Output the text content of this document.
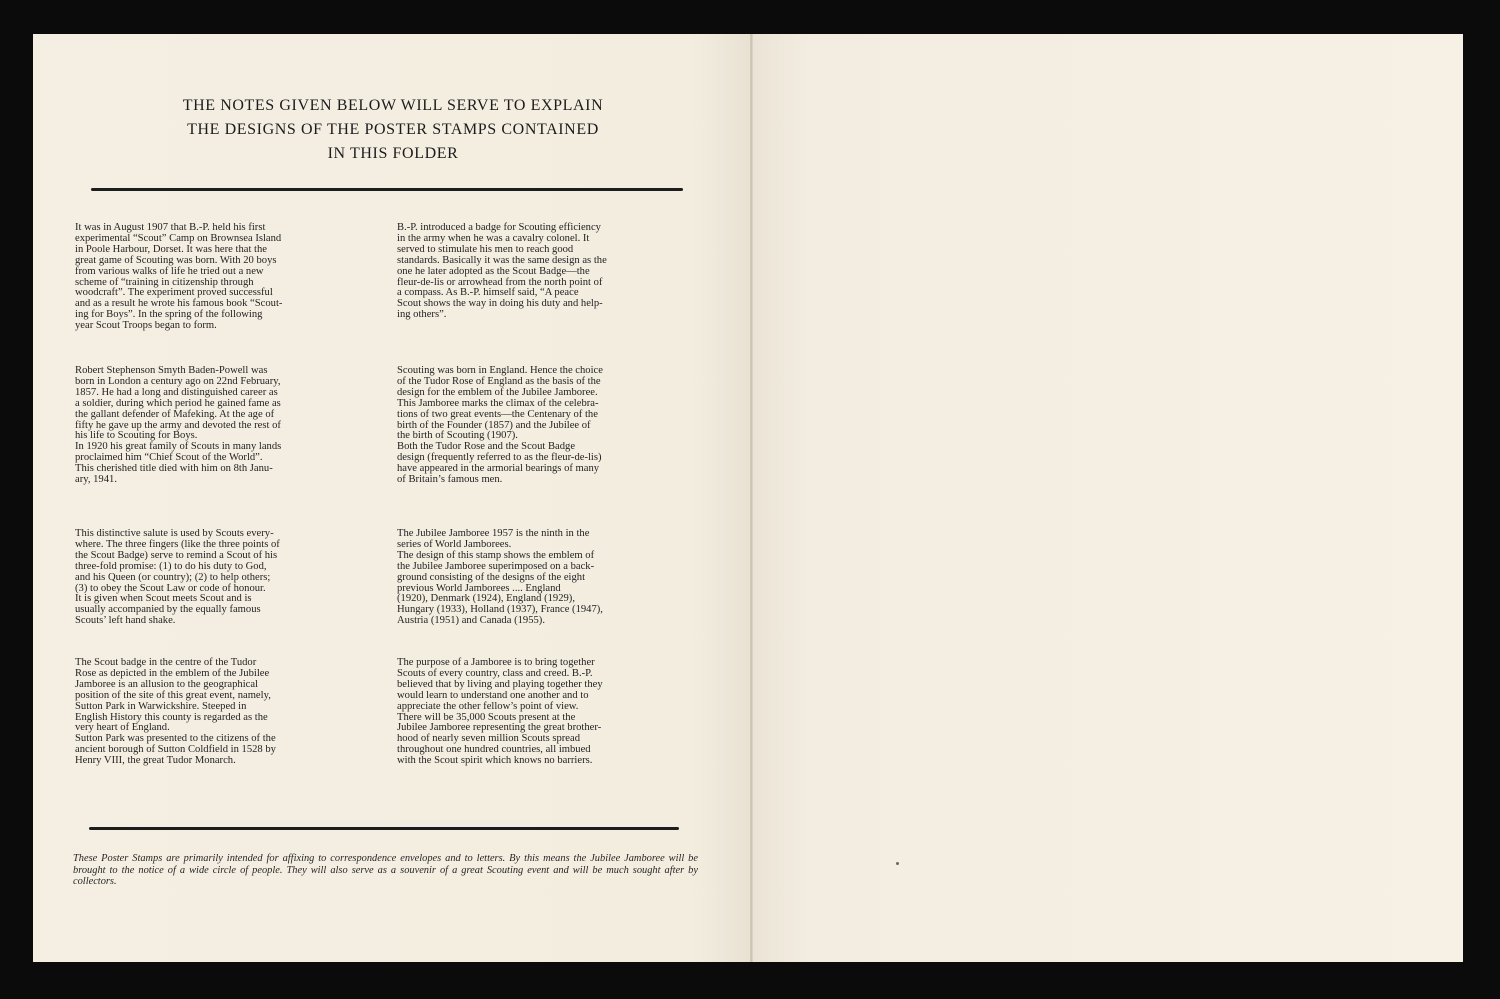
THE NOTES GIVEN BELOW WILL SERVE TO EXPLAIN
THE DESIGNS OF THE POSTER STAMPS CONTAINED
IN THIS FOLDER

It was in August 1907 that B.-P. held his first
experimental “Scout” Camp on Brownsea Island
in Poole Harbour, Dorset. It was here that the
great game of Scouting was born. With 20 boys
from various walks of life he tried out a new
scheme of “training in citizenship through
woodcraft”. The experiment proved successful
and as a result he wrote his famous book “Scout-
ing for Boys”. In the spring of the following
year Scout Troops began to form.

B.-P. introduced a badge for Scouting efficiency
in the army when he was a cavalry colonel. It
served to stimulate his men to reach good
standards. Basically it was the same design as the
one he later adopted as the Scout Badge—the
fleur-de-lis or arrowhead from the north point of
a compass. As B.-P. himself said, “A peace
Scout shows the way in doing his duty and help-
ing others”.

Robert Stephenson Smyth Baden-Powell was
born in London a century ago on 22nd February,
1857. He had a long and distinguished career as
a soldier, during which period he gained fame as
the gallant defender of Mafeking. At the age of
fifty he gave up the army and devoted the rest of
his life to Scouting for Boys.
In 1920 his great family of Scouts in many lands
proclaimed him “Chief Scout of the World”.
This cherished title died with him on 8th Janu-
ary, 1941.

Scouting was born in England. Hence the choice
of the Tudor Rose of England as the basis of the
design for the emblem of the Jubilee Jamboree.
This Jamboree marks the climax of the celebra-
tions of two great events—the Centenary of the
birth of the Founder (1857) and the Jubilee of
the birth of Scouting (1907).
Both the Tudor Rose and the Scout Badge
design (frequently referred to as the fleur-de-lis)
have appeared in the armorial bearings of many
of Britain’s famous men.

This distinctive salute is used by Scouts every-
where. The three fingers (like the three points of
the Scout Badge) serve to remind a Scout of his
three-fold promise: (1) to do his duty to God,
and his Queen (or country); (2) to help others;
(3) to obey the Scout Law or code of honour.
It is given when Scout meets Scout and is
usually accompanied by the equally famous
Scouts’ left hand shake.

The Jubilee Jamboree 1957 is the ninth in the
series of World Jamborees.
The design of this stamp shows the emblem of
the Jubilee Jamboree superimposed on a back-
ground consisting of the designs of the eight
previous World Jamborees .... England
(1920), Denmark (1924), England (1929),
Hungary (1933), Holland (1937), France (1947),
Austria (1951) and Canada (1955).

The Scout badge in the centre of the Tudor
Rose as depicted in the emblem of the Jubilee
Jamboree is an allusion to the geographical
position of the site of this great event, namely,
Sutton Park in Warwickshire. Steeped in
English History this county is regarded as the
very heart of England.
Sutton Park was presented to the citizens of the
ancient borough of Sutton Coldfield in 1528 by
Henry VIII, the great Tudor Monarch.

The purpose of a Jamboree is to bring together
Scouts of every country, class and creed. B.-P.
believed that by living and playing together they
would learn to understand one another and to
appreciate the other fellow’s point of view.
There will be 35,000 Scouts present at the
Jubilee Jamboree representing the great brother-
hood of nearly seven million Scouts spread
throughout one hundred countries, all imbued
with the Scout spirit which knows no barriers.

These Poster Stamps are primarily intended for affixing to correspondence envelopes and to letters. By this means the Jubilee Jamboree will be brought to the notice of a wide circle of people. They will also serve as a souvenir of a great Scouting event and will be much sought after by collectors.
